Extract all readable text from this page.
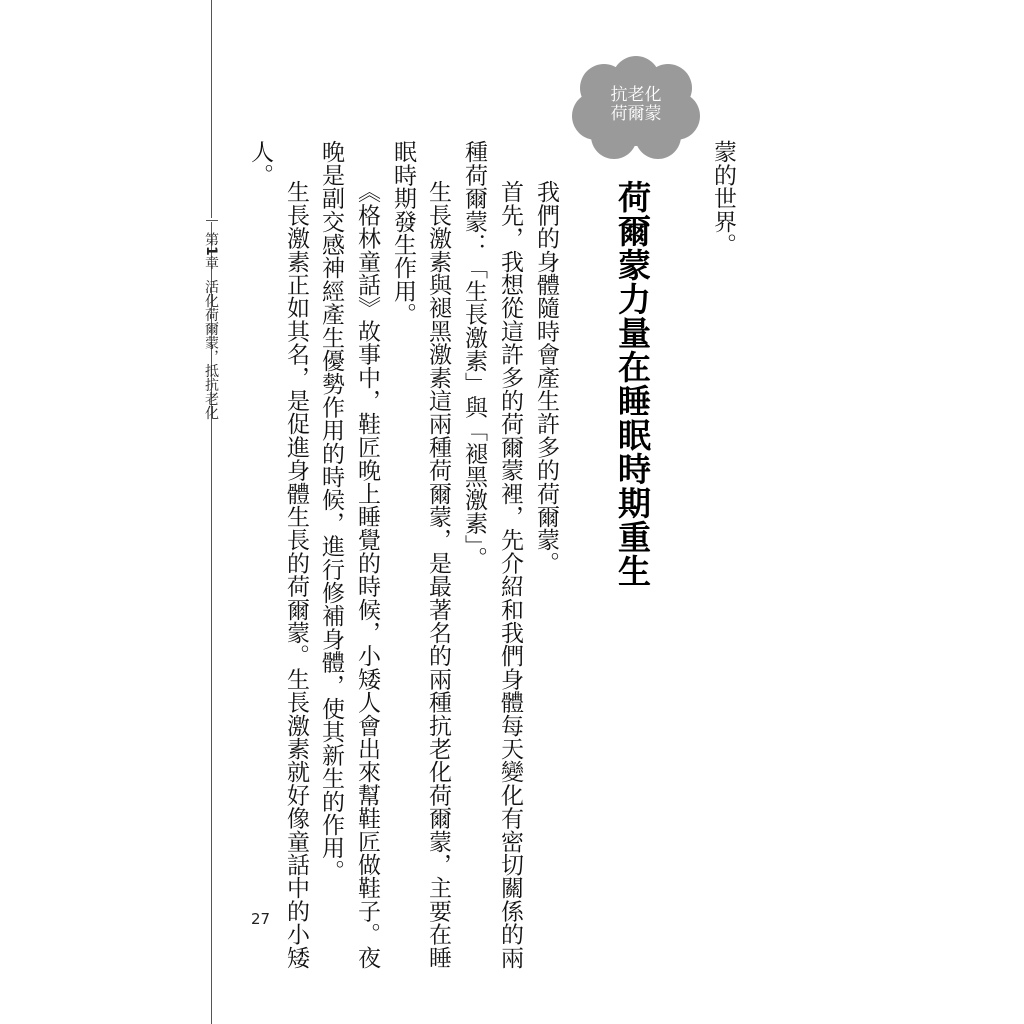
第1章活化荷爾蒙，抵抗老化
抗老化
荷爾蒙
荷爾蒙力量在睡眠時期重生	蒙的世界。
我們的身體隨時會產生許多的荷爾蒙。
首先，我想從這許多的荷爾蒙裡，先介紹和我們身體每天變化有密切關係的兩
種荷爾蒙：「生長激素」與「褪黑激素」。
生長激素與褪黑激素這兩種荷爾蒙，是最著名的兩種抗老化荷爾蒙，主要在睡
眠時期發生作用。
《格林童話》故事中，鞋匠晚上睡覺的時候，小矮人會出來幫鞋匠做鞋子。夜
晚是副交感神經產生優勢作用的時候，進行修補身體，使其新生的作用。
生長激素正如其名，是促進身體生長的荷爾蒙。生長激素就好像童話中的小矮
人。
27
